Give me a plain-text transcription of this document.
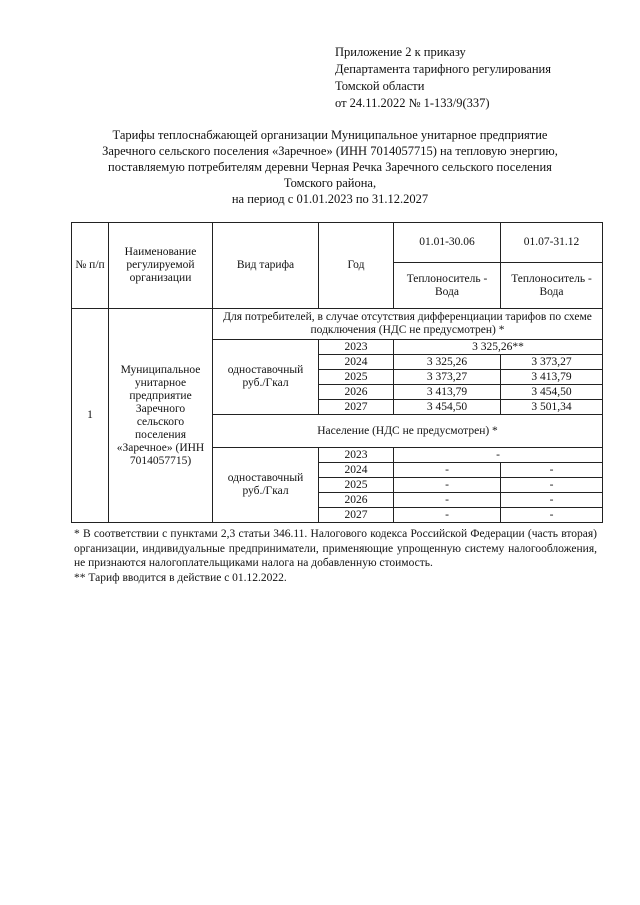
Приложение 2 к приказу
Департамента тарифного регулирования
Томской области
от 24.11.2022 № 1-133/9(337)
Тарифы теплоснабжающей организации Муниципальное унитарное предприятие
Заречного сельского поселения «Заречное» (ИНН 7014057715) на тепловую энергию,
поставляемую потребителям деревни Черная Речка Заречного сельского поселения
Томского района,
на период с 01.01.2023 по 31.12.2027
№ п/п	Наименование регулируемой организации	Вид тарифа	Год	01.01-30.06	01.07-31.12
				Теплоноситель - Вода	Теплоноситель - Вода
1	Муниципальное унитарное предприятие Заречного сельского поселения «Заречное» (ИНН 7014057715)	Для потребителей, в случае отсутствия дифференциации тарифов по схеме подключения (НДС не предусмотрен) *			
		одноставочный руб./Гкал	2023	3 325,26**	
			2024	3 325,26	3 373,27
			2025	3 373,27	3 413,79
			2026	3 413,79	3 454,50
			2027	3 454,50	3 501,34
		Население (НДС не предусмотрен) *			
		одноставочный руб./Гкал	2023	-	
			2024	-	-
			2025	-	-
			2026	-	-
			2027	-	-
* В соответствии с пунктами 2,3 статьи 346.11. Налогового кодекса Российской Федерации (часть вторая) организации, индивидуальные предприниматели, применяющие упрощенную систему налогообложения, не признаются налогоплательщиками налога на добавленную стоимость.
** Тариф вводится в действие с 01.12.2022.
